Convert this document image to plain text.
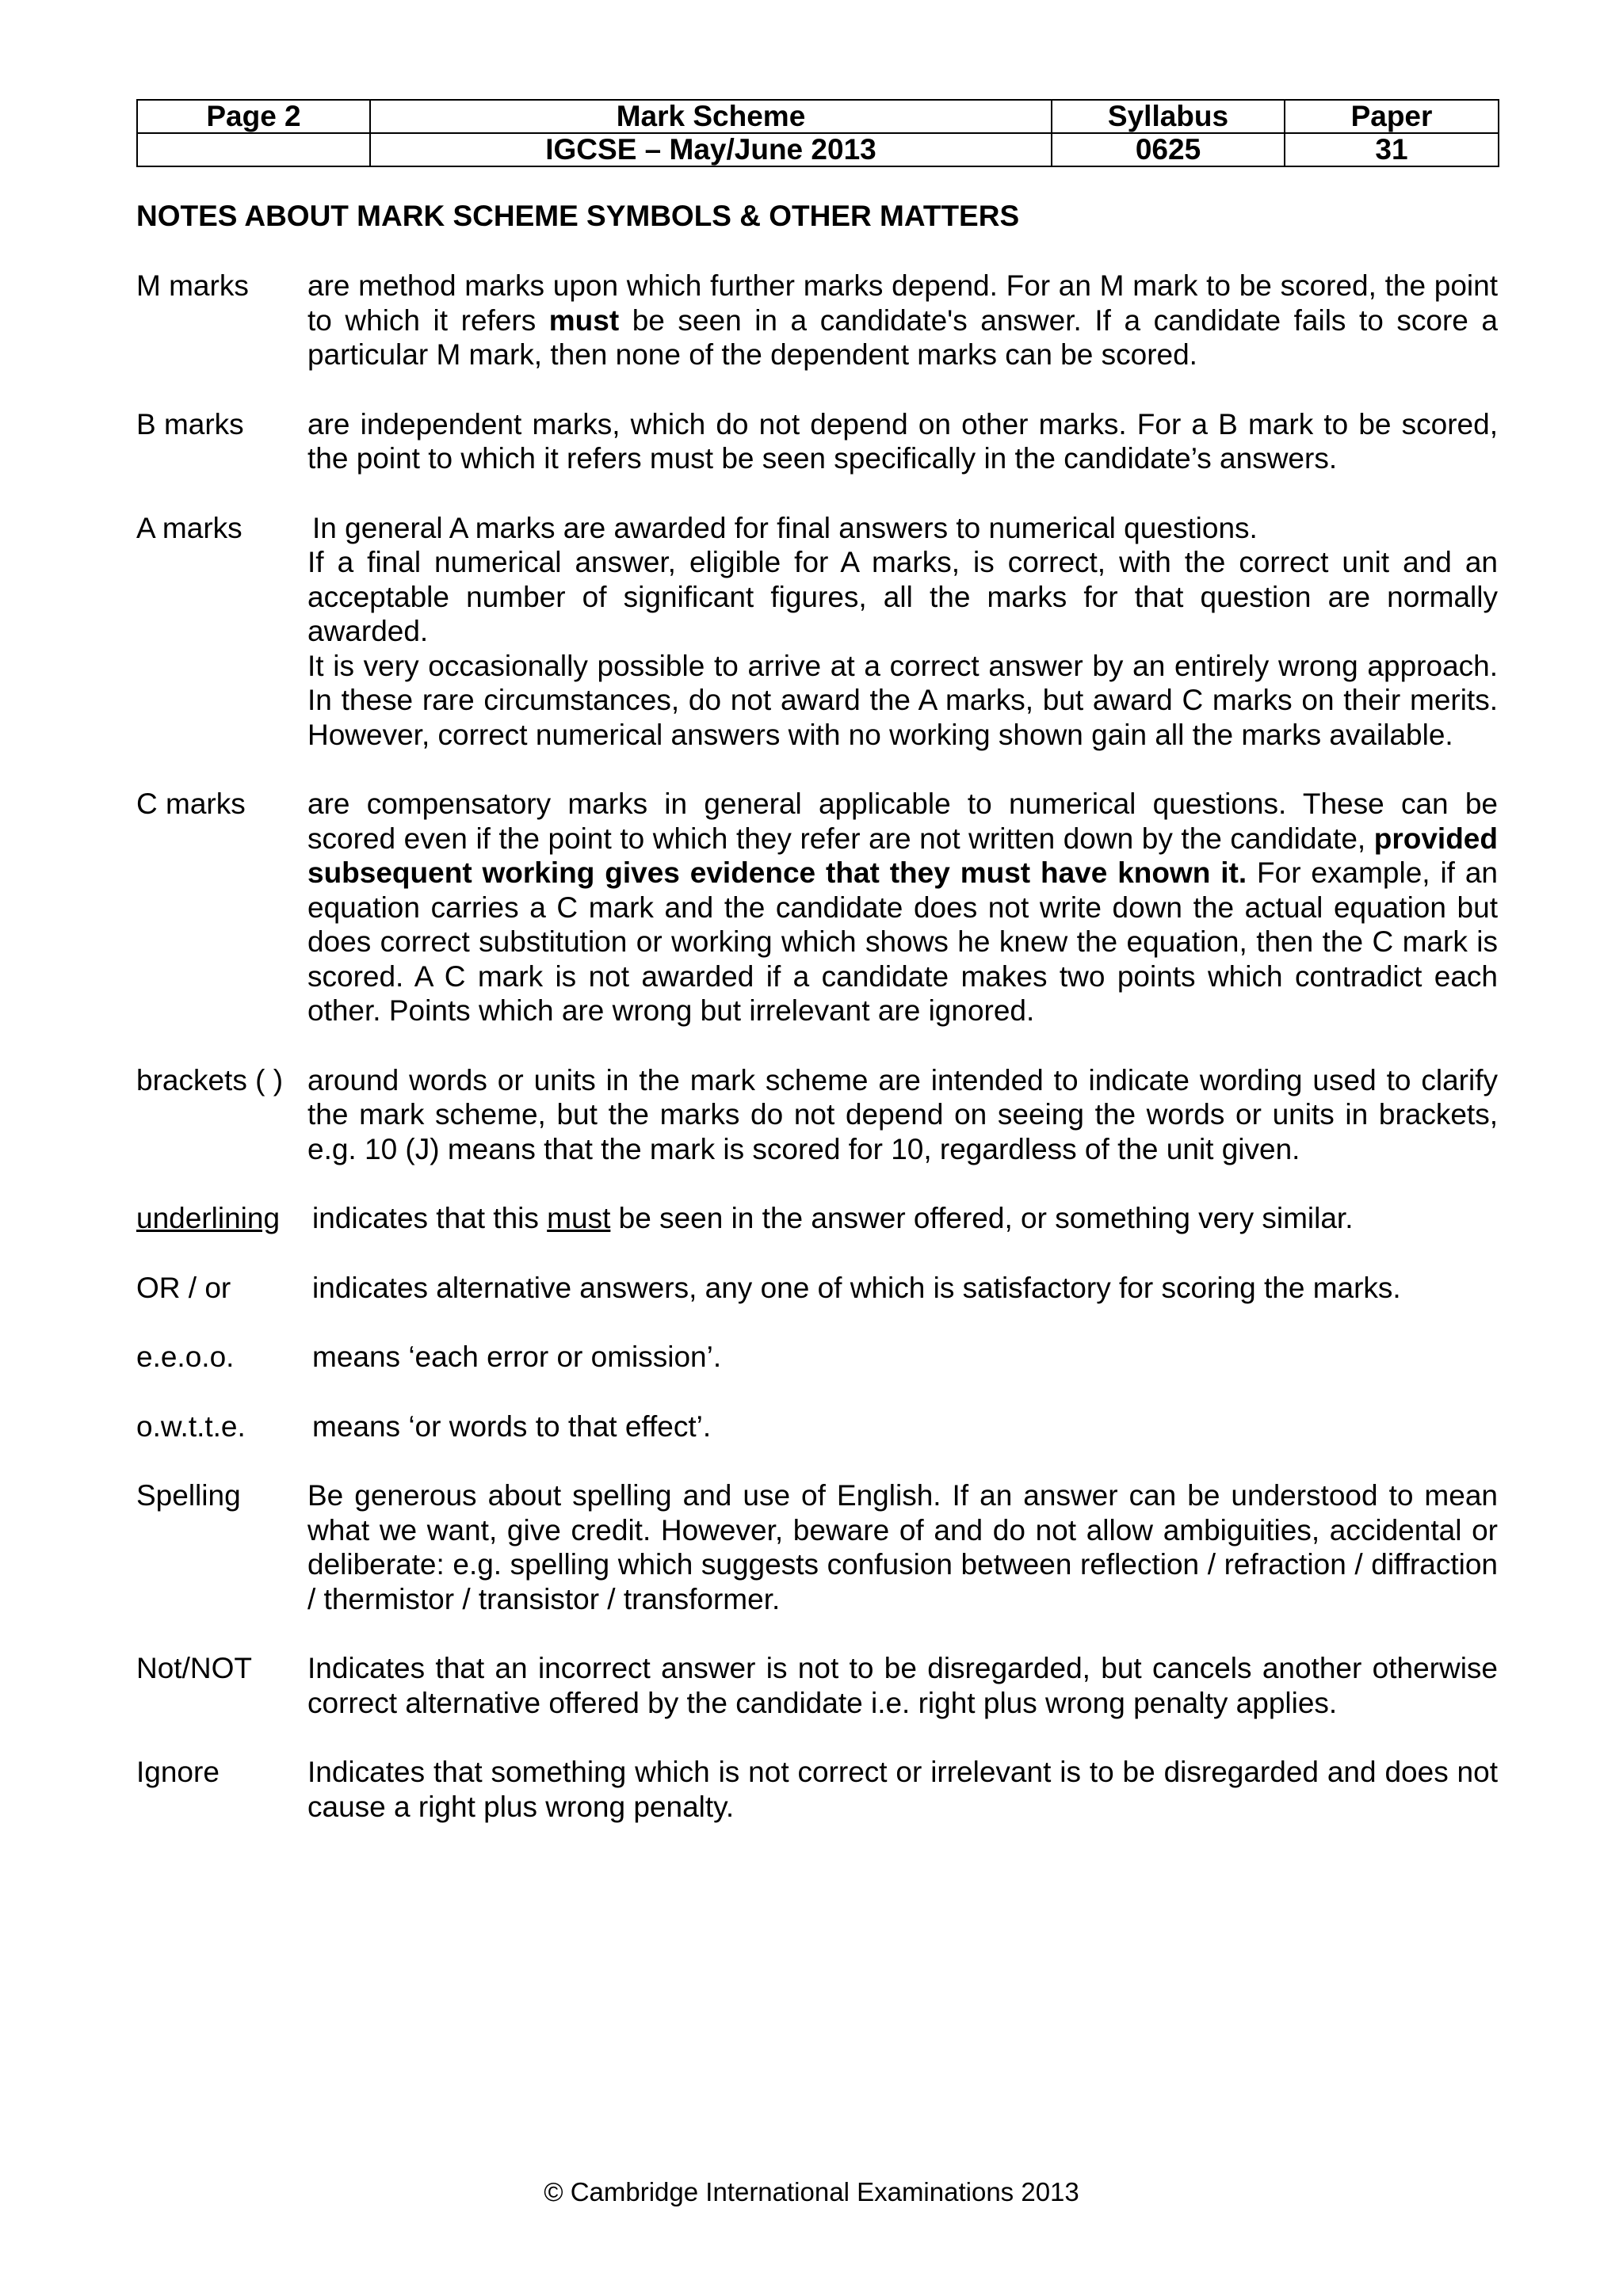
Page 2	Mark Scheme	Syllabus	Paper
	IGCSE – May/June 2013	0625	31
NOTES ABOUT MARK SCHEME SYMBOLS & OTHER MATTERS
M marks are method marks upon which further marks depend. For an M mark to be scored, the point to which it refers must be seen in a candidate's answer. If a candidate fails to score a particular M mark, then none of the dependent marks can be scored.
B marks are independent marks, which do not depend on other marks. For a B mark to be scored, the point to which it refers must be seen specifically in the candidate’s answers.
A marks In general A marks are awarded for final answers to numerical questions.

If a final numerical answer, eligible for A marks, is correct, with the correct unit and an acceptable number of significant figures, all the marks for that question are normally awarded.

It is very occasionally possible to arrive at a correct answer by an entirely wrong approach. In these rare circumstances, do not award the A marks, but award C marks on their merits. However, correct numerical answers with no working shown gain all the marks available.

C marks are compensatory marks in general applicable to numerical questions. These can be scored even if the point to which they refer are not written down by the candidate, provided subsequent working gives evidence that they must have known it. For example, if an equation carries a C mark and the candidate does not write down the actual equation but does correct substitution or working which shows he knew the equation, then the C mark is scored. A C mark is not awarded if a candidate makes two points which contradict each other. Points which are wrong but irrelevant are ignored.
brackets ( ) around words or units in the mark scheme are intended to indicate wording used to clarify the mark scheme, but the marks do not depend on seeing the words or units in brackets, e.g. 10 (J) means that the mark is scored for 10, regardless of the unit given.
underlining indicates that this must be seen in the answer offered, or something very similar.
OR / or	indicates alternative answers, any one of which is satisfactory for scoring the marks.
e.e.o.o.	means ‘each error or omission’.
o.w.t.t.e. means ‘or words to that effect’.
Spelling Be generous about spelling and use of English. If an answer can be understood to mean what we want, give credit. However, beware of and do not allow ambiguities, accidental or deliberate: e.g. spelling which suggests confusion between reflection / refraction / diffraction / thermistor / transistor / transformer.
Not/NOT Indicates that an incorrect answer is not to be disregarded, but cancels another otherwise correct alternative offered by the candidate i.e. right plus wrong penalty applies.
Ignore	Indicates that something which is not correct or irrelevant is to be disregarded and does not cause a right plus wrong penalty.
© Cambridge International Examinations 2013
